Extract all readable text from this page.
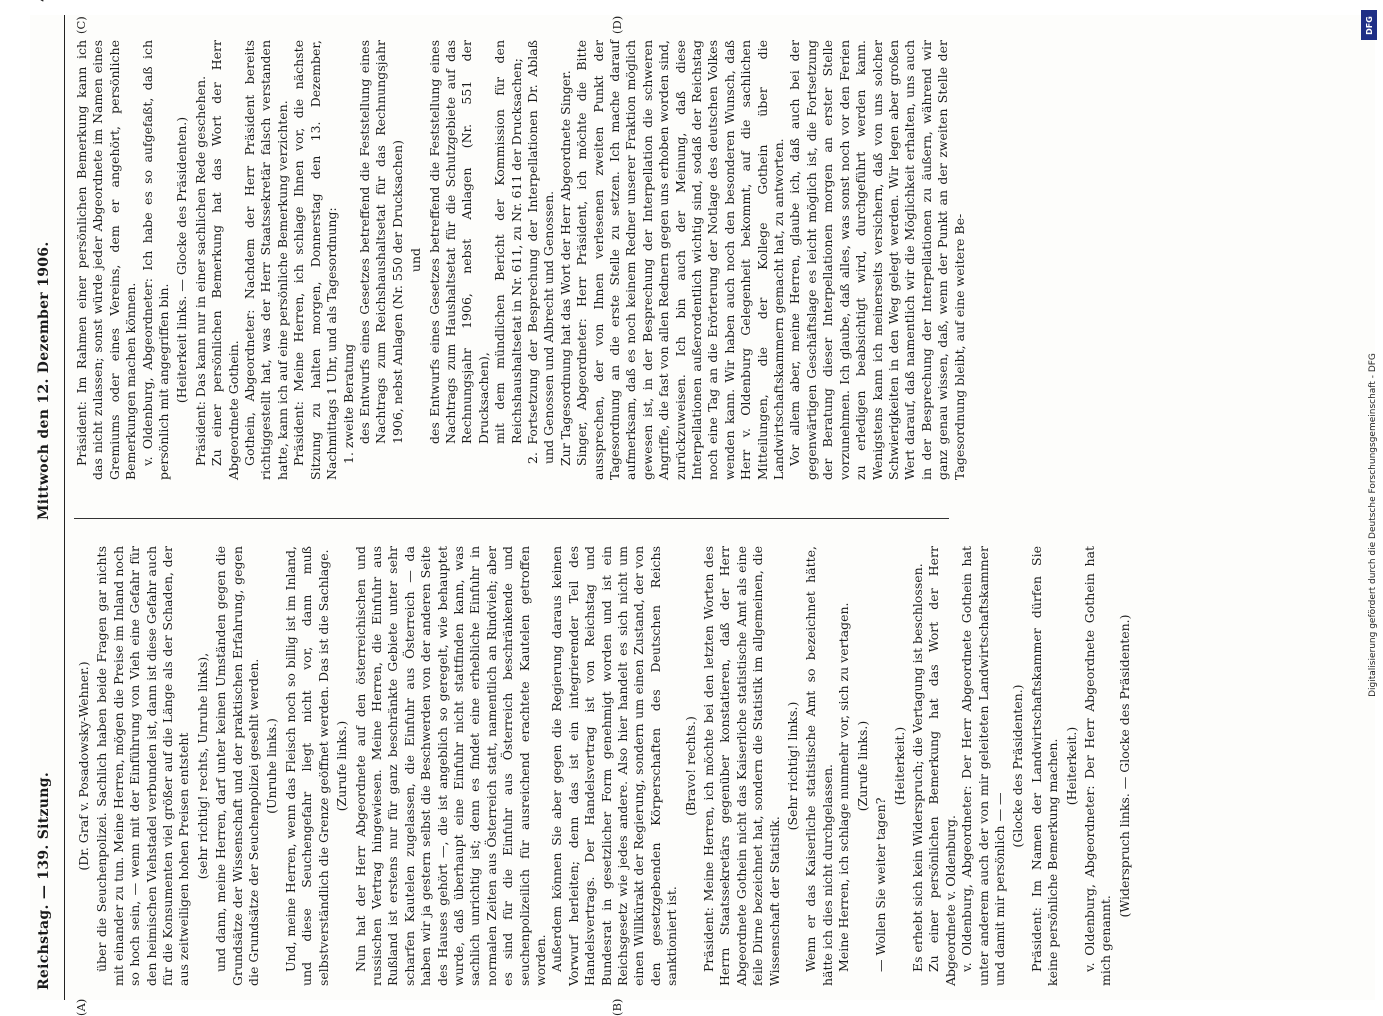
Reichstag. — 139. Sitzung.
Mittwoch den 12. Dezember 1906.
(A)	(B)
(C)	(D)

(Dr. Graf v. Posadowsky-Wehner.) über die Seuchenpolizei. Sachlich haben beide Fragen gar nichts mit einander zu tun. Meine Herren, mögen die Preise im Inland noch so hoch sein, — wenn mit der Einführung von Vieh eine Gefahr für den heimischen Viehstadel verbunden ist, dann ist diese Gefahr auch für die Konsumenten viel größer auf die Länge als der Schaden, der aus zeitweiligen hohen Preisen entsteht (sehr richtig! rechts, Unruhe links), und dann, meine Herren, darf unter keinen Umständen gegen die Grundsätze der Wissenschaft und der praktischen Erfahrung, gegen die Grundsätze der Seuchenpolizei gesehlt werden. (Unruhe links.) Und, meine Herren, wenn das Fleisch noch so billig ist im Inland, und diese Seuchengefahr liegt nicht vor, dann muß selbstverständlich die Grenze geöffnet werden. Das ist die Sachlage. (Zurufe links.) Nun hat der Herr Abgeordnete auf den österreichischen und russischen Vertrag hingewiesen. Meine Herren, die Einfuhr aus Rußland ist erstens nur für ganz beschränkte Gebiete unter sehr scharfen Kautelen zugelassen, die Einfuhr aus Österreich — da haben wir ja gestern selbst die Beschwerden von der anderen Seite des Hauses gehört —, die ist angeblich so geregelt, wie behauptet wurde, daß überhaupt eine Einfuhr nicht stattfinden kann, was sachlich unrichtig ist; denn es findet eine erhebliche Einfuhr in normalen Zeiten aus Österreich statt, namentlich an Rindvieh; aber es sind für die Einfuhr aus Österreich beschränkende und seuchenpolizeilich für ausreichend erachtete Kautelen getroffen worden. Außerdem können Sie aber gegen die Regierung daraus keinen Vorwurf herleiten; denn das ist ein integrierender Teil des Handelsvertrags. Der Handelsvertrag ist von Reichstag und Bundesrat in gesetzlicher Form genehmigt worden und ist ein Reichsgesetz wie jedes andere. Also hier handelt es sich nicht um einen Willkürakt der Regierung, sondern um einen Zustand, der von den gesetzgebenden Körperschaften des Deutschen Reichs sanktioniert ist.

(Bravo! rechts.) Präsident: Meine Herren, ich möchte bei den letzten Worten des Herrn Staatssekretärs gegenüber konstatieren, daß der Herr Abgeordnete Gothein nicht das Kaiserliche statistische Amt als eine feile Dirne bezeichnet hat, sondern die Statistik im allgemeinen, die Wissenschaft der Statistik.

(Sehr richtig! links.) Wenn er das Kaiserliche statistische Amt so bezeichnet hätte, hätte ich dies nicht durchgelassen. Meine Herren, ich schlage nunmehr vor, sich zu vertagen. (Zurufe links.)

— Wollen Sie weiter tagen?

(Heiterkeit.) Es erhebt sich kein Widerspruch; die Vertagung ist beschlossen. Zu einer persönlichen Bemerkung hat das Wort der Herr Abgeordnete v. Oldenburg. v. Oldenburg, Abgeordneter: Der Herr Abgeordnete Gothein hat unter anderem auch der von mir geleiteten Landwirtschaftskammer und damit mir persönlich — —

(Glocke des Präsidenten.) Präsident: Im Namen der Landwirtschaftskammer dürfen Sie keine persönliche Bemerkung machen. (Heiterkeit.) v. Oldenburg, Abgeordneter: Der Herr Abgeordnete Gothein hat mich genannt.

(Widerspruch links. — Glocke des Präsidenten.)

Präsident: Im Rahmen einer persönlichen Bemerkung kann ich das nicht zulassen; sonst würde jeder Abgeordnete im Namen eines Gremiums oder eines Vereins, dem er angehört, persönliche Bemerkungen machen können. v. Oldenburg, Abgeordneter: Ich habe es so aufgefaßt, daß ich persönlich mit angegriffen bin. (Heiterkeit links. — Glocke des Präsidenten.) Präsident: Das kann nur in einer sachlichen Rede geschehen. Zu einer persönlichen Bemerkung hat das Wort der Herr Abgeordnete Gothein. Gothein, Abgeordneter: Nachdem der Herr Präsident bereits richtiggestellt hat, was der Herr Staatssekretär falsch verstanden hatte, kann ich auf eine persönliche Bemerkung verzichten. Präsident: Meine Herren, ich schlage Ihnen vor, die nächste Sitzung zu halten morgen, Donnerstag den 13. Dezember, Nachmittags 1 Uhr, und als Tagesordnung: 1. zweite Beratung des Entwurfs eines Gesetzes betreffend die Feststellung eines Nachtrags zum Reichshaushaltsetat für das Rechnungsjahr 1906, nebst Anlagen (Nr. 550 der Drucksachen) und des Entwurfs eines Gesetzes betreffend die Feststellung eines Nachtrags zum Haushaltsetat für die Schutzgebiete auf das Rechnungsjahr 1906, nebst Anlagen (Nr. 551 der Drucksachen), mit dem mündlichen Bericht der Kommission für den Reichshaushaltsetat in Nr. 611, zu Nr. 611 der Drucksachen; 2. Fortsetzung der Besprechung der Interpellationen Dr. Ablaß und Genossen und Albrecht und Genossen. Zur Tagesordnung hat das Wort der Herr Abgeordnete Singer. Singer, Abgeordneter: Herr Präsident, ich möchte die Bitte aussprechen, der von Ihnen verlesenen zweiten Punkt der Tagesordnung an die erste Stelle zu setzen. Ich mache darauf aufmerksam, daß es noch keinem Redner unserer Fraktion möglich gewesen ist, in der Besprechung der Interpellation die schweren Angriffe, die fast von allen Rednern gegen uns erhoben worden sind, zurückzuweisen. Ich bin auch der Meinung, daß diese Interpellationen außerordentlich wichtig sind, sodaß der Reichstag noch eine Tag an die Erörterung der Notlage des deutschen Volkes wenden kann. Wir haben auch noch den besonderen Wunsch, daß Herr v. Oldenburg Gelegenheit bekommt, auf die sachlichen Mitteilungen, die der Kollege Gothein über die Landwirtschaftskammern gemacht hat, zu antworten. Vor allem aber, meine Herren, glaube ich, daß auch bei der gegenwärtigen Geschäftslage es leicht möglich ist, die Fortsetzung der Beratung dieser Interpellationen morgen an erster Stelle vorzunehmen. Ich glaube, daß alles, was sonst noch vor den Ferien zu erledigen beabsichtigt wird, durchgeführt werden kann. Wenigstens kann ich meinerseits versichern, daß von uns solcher Schwierigkeiten in den Weg gelegt werden. Wir legen aber großen Wert darauf, daß namentlich wir die Möglichkeit erhalten, uns auch in der Besprechung der Interpellationen zu äußern, während wir ganz genau wissen, daß, wenn der Punkt an der zweiten Stelle der Tagesordnung bleibt, auf eine weitere Be-

DFG
Digitalisierung gefördert durch die Deutsche Forschungsgemeinschaft - DFG
